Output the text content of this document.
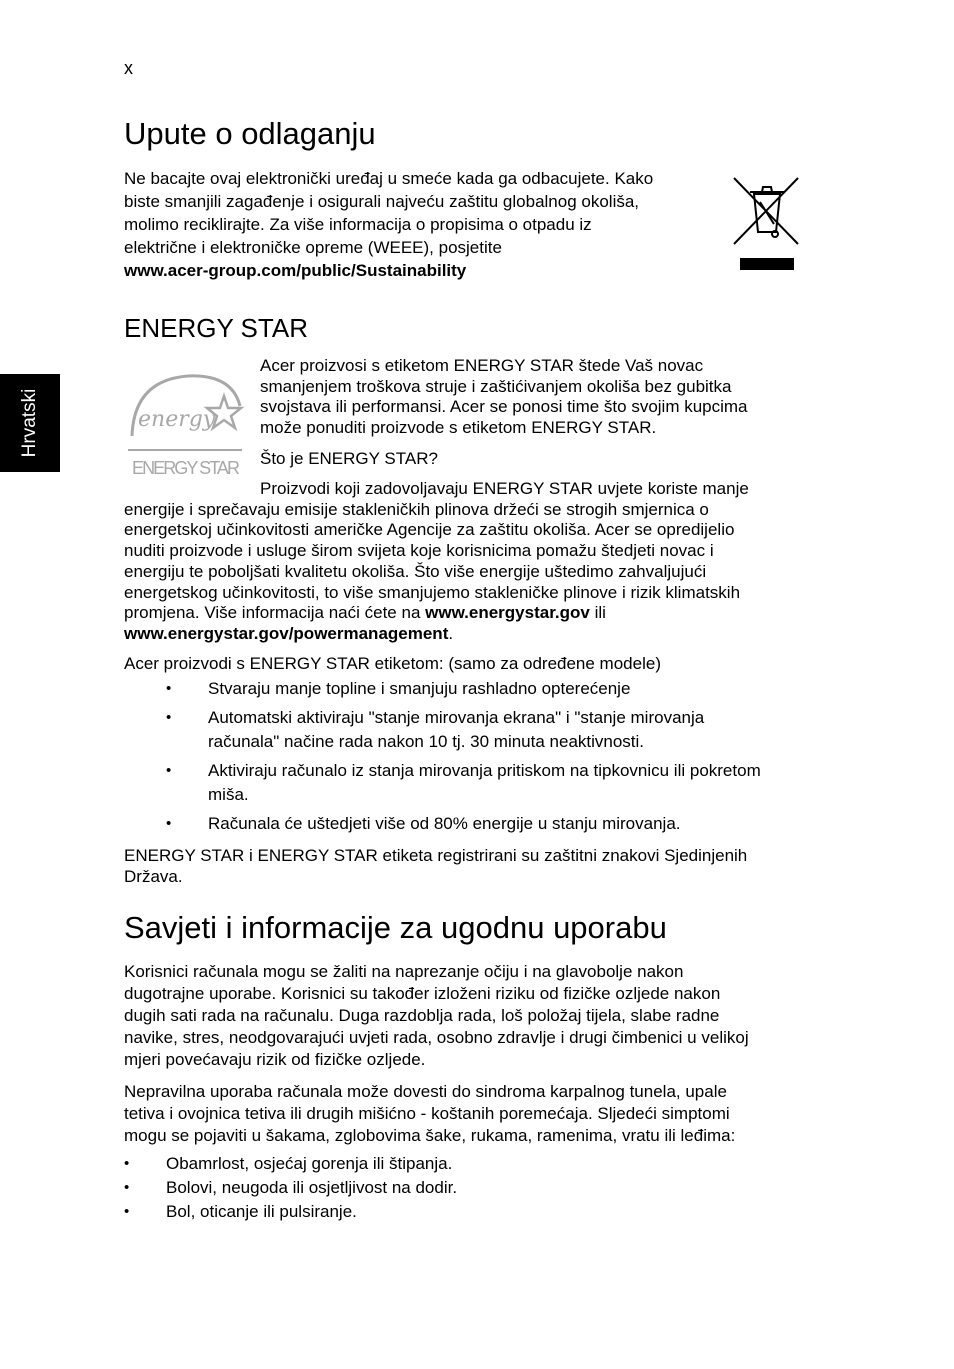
x
Hrvatski
Upute o odlaganju
Ne bacajte ovaj elektronički uređaj u smeće kada ga odbacujete. Kako
biste smanjili zagađenje i osigurali najveću zaštitu globalnog okoliša,
molimo reciklirajte. Za više informacija o propisima o otpadu iz
električne i elektroničke opreme (WEEE), posjetite
www.acer-group.com/public/Sustainability
ENERGY STAR
energy
ENERGY STAR
Acer proizvosi s etiketom ENERGY STAR štede Vaš novac
smanjenjem troškova struje i zaštićivanjem okoliša bez gubitka
svojstava ili performansi. Acer se ponosi time što svojim kupcima
može ponuditi proizvode s etiketom ENERGY STAR.
Što je ENERGY STAR?
Proizvodi koji zadovoljavaju ENERGY STAR uvjete koriste manje
energije i sprečavaju emisije stakleničkih plinova držeći se strogih smjernica o
energetskoj učinkovitosti američke Agencije za zaštitu okoliša. Acer se opredijelio
nuditi proizvode i usluge širom svijeta koje korisnicima pomažu štedjeti novac i
energiju te poboljšati kvalitetu okoliša. Što više energije uštedimo zahvaljujući
energetskog učinkovitosti, to više smanjujemo stakleničke plinove i rizik klimatskih
promjena. Više informacija naći ćete na www.energystar.gov ili
www.energystar.gov/powermanagement.
Acer proizvodi s ENERGY STAR etiketom: (samo za određene modele)
• Stvaraju manje topline i smanjuju rashladno opterećenje
• Automatski aktiviraju "stanje mirovanja ekrana" i "stanje mirovanja
računala" načine rada nakon 10 tj. 30 minuta neaktivnosti.
• Aktiviraju računalo iz stanja mirovanja pritiskom na tipkovnicu ili pokretom
miša.
• Računala će uštedjeti više od 80% energije u stanju mirovanja.
ENERGY STAR i ENERGY STAR etiketa registrirani su zaštitni znakovi Sjedinjenih
Država.
Savjeti i informacije za ugodnu uporabu
Korisnici računala mogu se žaliti na naprezanje očiju i na glavobolje nakon
dugotrajne uporabe. Korisnici su također izloženi riziku od fizičke ozljede nakon
dugih sati rada na računalu. Duga razdoblja rada, loš položaj tijela, slabe radne
navike, stres, neodgovarajući uvjeti rada, osobno zdravlje i drugi čimbenici u velikoj
mjeri povećavaju rizik od fizičke ozljede.
Nepravilna uporaba računala može dovesti do sindroma karpalnog tunela, upale
tetiva i ovojnica tetiva ili drugih mišićno - koštanih poremećaja. Sljedeći simptomi
mogu se pojaviti u šakama, zglobovima šake, rukama, ramenima, vratu ili leđima:
• Obamrlost, osjećaj gorenja ili štipanja.
• Bolovi, neugoda ili osjetljivost na dodir.
• Bol, oticanje ili pulsiranje.
